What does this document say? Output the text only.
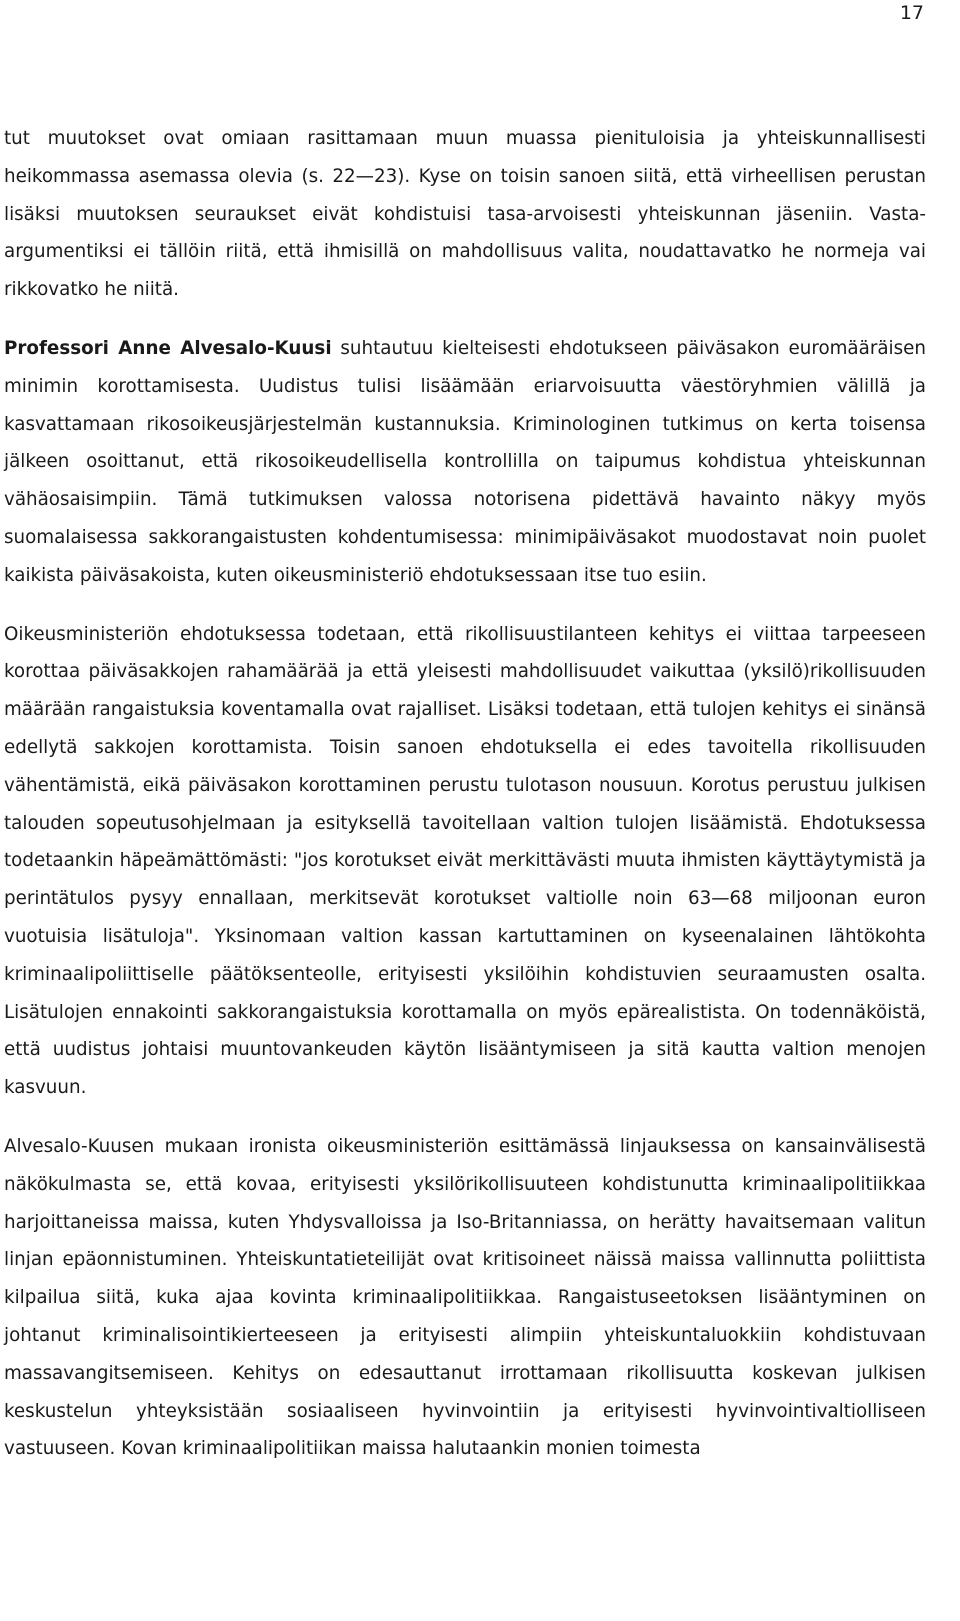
17

tut muutokset ovat omiaan rasittamaan muun muassa pienituloisia ja yhteiskunnallisesti heikommassa asemassa olevia (s. 22—23). Kyse on toisin sanoen siitä, että virheellisen perustan lisäksi muutoksen seuraukset eivät kohdistuisi tasa-arvoisesti yhteiskunnan jäseniin. Vasta-argumentiksi ei tällöin riitä, että ihmisillä on mahdollisuus valita, noudattavatko he normeja vai rikkovatko he niitä.

Professori Anne Alvesalo-Kuusi suhtautuu kielteisesti ehdotukseen päiväsakon euromääräisen minimin korottamisesta. Uudistus tulisi lisäämään eriarvoisuutta väestöryhmien välillä ja kasvattamaan rikosoikeusjärjestelmän kustannuksia. Kriminologinen tutkimus on kerta toisensa jälkeen osoittanut, että rikosoikeudellisella kontrollilla on taipumus kohdistua yhteiskunnan vähäosaisimpiin. Tämä tutkimuksen valossa notorisena pidettävä havainto näkyy myös suomalaisessa sakkorangaistusten kohdentumisessa: minimipäiväsakot muodostavat noin puolet kaikista päiväsakoista, kuten oikeusministeriö ehdotuksessaan itse tuo esiin.

Oikeusministeriön ehdotuksessa todetaan, että rikollisuustilanteen kehitys ei viittaa tarpeeseen korottaa päiväsakkojen rahamäärää ja että yleisesti mahdollisuudet vaikuttaa (yksilö)rikollisuuden määrään rangaistuksia koventamalla ovat rajalliset. Lisäksi todetaan, että tulojen kehitys ei sinänsä edellytä sakkojen korottamista. Toisin sanoen ehdotuksella ei edes tavoitella rikollisuuden vähentämistä, eikä päiväsakon korottaminen perustu tulotason nousuun. Korotus perustuu julkisen talouden sopeutusohjelmaan ja esityksellä tavoitellaan valtion tulojen lisäämistä. Ehdotuksessa todetaankin häpeämättömästi: "jos korotukset eivät merkittävästi muuta ihmisten käyttäytymistä ja perintätulos pysyy ennallaan, merkitsevät korotukset valtiolle noin 63—68 miljoonan euron vuotuisia lisätuloja". Yksinomaan valtion kassan kartuttaminen on kyseenalainen lähtökohta kriminaalipoliittiselle päätöksenteolle, erityisesti yksilöihin kohdistuvien seuraamusten osalta. Lisätulojen ennakointi sakkorangaistuksia korottamalla on myös epärealistista. On todennäköistä, että uudistus johtaisi muuntovankeuden käytön lisääntymiseen ja sitä kautta valtion menojen kasvuun.

Alvesalo-Kuusen mukaan ironista oikeusministeriön esittämässä linjauksessa on kansainvälisestä näkökulmasta se, että kovaa, erityisesti yksilörikollisuuteen kohdistunutta kriminaalipolitiikkaa harjoittaneissa maissa, kuten Yhdysvalloissa ja Iso-Britanniassa, on herätty havaitsemaan valitun linjan epäonnistuminen. Yhteiskuntatieteilijät ovat kritisoineet näissä maissa vallinnutta poliittista kilpailua siitä, kuka ajaa kovinta kriminaalipolitiikkaa. Rangaistuseetoksen lisääntyminen on johtanut kriminalisointikierteeseen ja erityisesti alimpiin yhteiskuntaluokkiin kohdistuvaan massavangitsemiseen. Kehitys on edesauttanut irrottamaan rikollisuutta koskevan julkisen keskustelun yhteyksistään sosiaaliseen hyvinvointiin ja erityisesti hyvinvointivaltiolliseen vastuuseen. Kovan kriminaalipolitiikan maissa halutaankin monien toimesta
